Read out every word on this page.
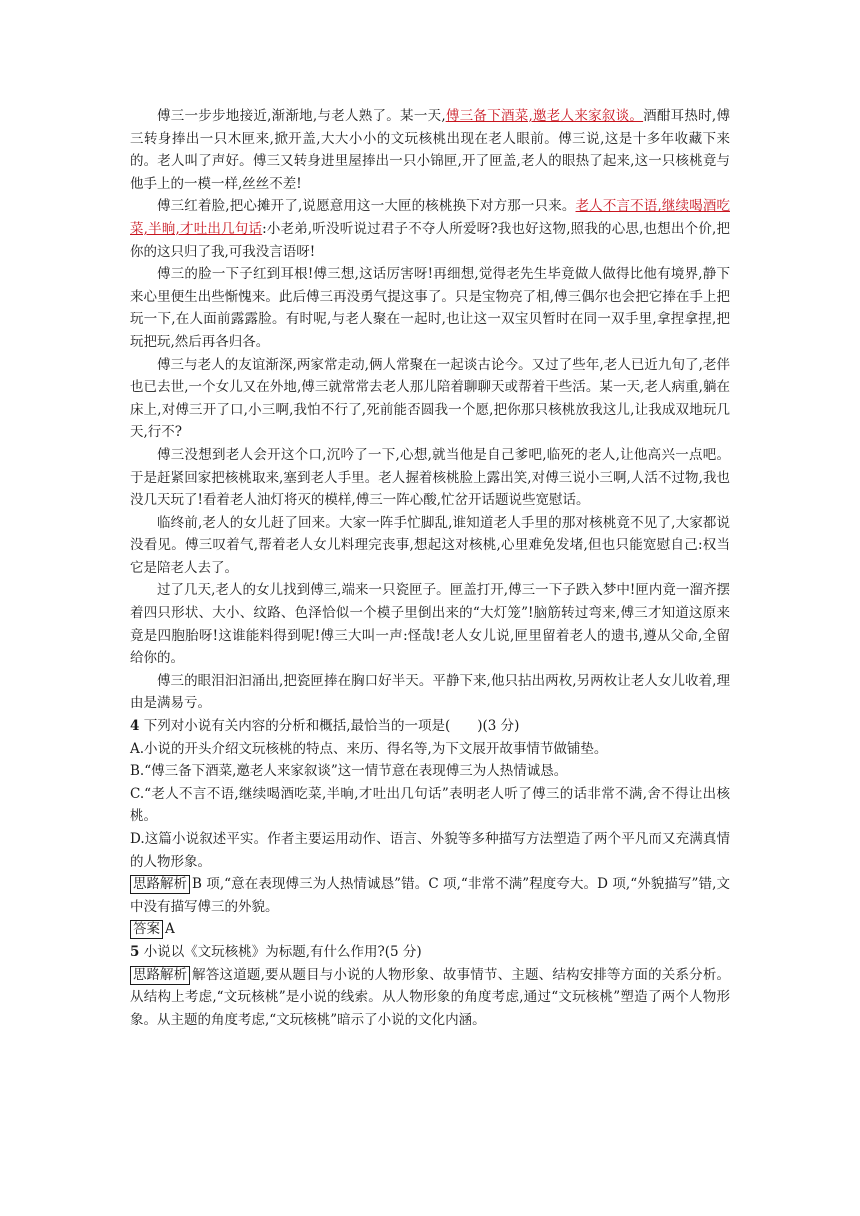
傅三一步步地接近,渐渐地,与老人熟了。某一天,傅三备下酒菜,邀老人来家叙谈。酒酣耳热时,傅三转身捧出一只木匣来,掀开盖,大大小小的文玩核桃出现在老人眼前。傅三说,这是十多年收藏下来的。老人叫了声好。傅三又转身进里屋捧出一只小锦匣,开了匣盖,老人的眼热了起来,这一只核桃竟与他手上的一模一样,丝丝不差!

傅三红着脸,把心摊开了,说愿意用这一大匣的核桃换下对方那一只来。老人不言不语,继续喝酒吃菜,半晌,才吐出几句话:小老弟,听没听说过君子不夺人所爱呀?我也好这物,照我的心思,也想出个价,把你的这只归了我,可我没言语呀!

傅三的脸一下子红到耳根!傅三想,这话厉害呀!再细想,觉得老先生毕竟做人做得比他有境界,静下来心里便生出些惭愧来。此后傅三再没勇气提这事了。只是宝物亮了相,傅三偶尔也会把它捧在手上把玩一下,在人面前露露脸。有时呢,与老人聚在一起时,也让这一双宝贝暂时在同一双手里,拿捏拿捏,把玩把玩,然后再各归各。

傅三与老人的友谊渐深,两家常走动,俩人常聚在一起谈古论今。又过了些年,老人已近九旬了,老伴也已去世,一个女儿又在外地,傅三就常常去老人那儿陪着聊聊天或帮着干些活。某一天,老人病重,躺在床上,对傅三开了口,小三啊,我怕不行了,死前能否圆我一个愿,把你那只核桃放我这儿,让我成双地玩几天,行不?

傅三没想到老人会开这个口,沉吟了一下,心想,就当他是自己爹吧,临死的老人,让他高兴一点吧。于是赶紧回家把核桃取来,塞到老人手里。老人握着核桃脸上露出笑,对傅三说小三啊,人活不过物,我也没几天玩了!看着老人油灯将灭的模样,傅三一阵心酸,忙岔开话题说些宽慰话。

临终前,老人的女儿赶了回来。大家一阵手忙脚乱,谁知道老人手里的那对核桃竟不见了,大家都说没看见。傅三叹着气,帮着老人女儿料理完丧事,想起这对核桃,心里难免发堵,但也只能宽慰自己:权当它是陪老人去了。

过了几天,老人的女儿找到傅三,端来一只瓷匣子。匣盖打开,傅三一下子跌入梦中!匣内竟一溜齐摆着四只形状、大小、纹路、色泽恰似一个模子里倒出来的“大灯笼”!脑筋转过弯来,傅三才知道这原来竟是四胞胎呀!这谁能料得到呢!傅三大叫一声:怪哉!老人女儿说,匣里留着老人的遗书,遵从父命,全留给你的。

傅三的眼泪汩汩涌出,把瓷匣捧在胸口好半天。平静下来,他只拈出两枚,另两枚让老人女儿收着,理由是满易亏。

4 下列对小说有关内容的分析和概括,最恰当的一项是(　　)(3 分)

A.小说的开头介绍文玩核桃的特点、来历、得名等,为下文展开故事情节做铺垫。

B.“傅三备下酒菜,邀老人来家叙谈”这一情节意在表现傅三为人热情诚恳。

C.“老人不言不语,继续喝酒吃菜,半晌,才吐出几句话”表明老人听了傅三的话非常不满,舍不得让出核桃。

D.这篇小说叙述平实。作者主要运用动作、语言、外貌等多种描写方法塑造了两个平凡而又充满真情的人物形象。

思路解析 B 项,“意在表现傅三为人热情诚恳”错。C 项,“非常不满”程度夸大。D 项,“外貌描写”错,文中没有描写傅三的外貌。

答案 A

5 小说以《文玩核桃》为标题,有什么作用?(5 分)

思路解析 解答这道题,要从题目与小说的人物形象、故事情节、主题、结构安排等方面的关系分析。从结构上考虑,“文玩核桃”是小说的线索。从人物形象的角度考虑,通过“文玩核桃”塑造了两个人物形象。从主题的角度考虑,“文玩核桃”暗示了小说的文化内涵。
